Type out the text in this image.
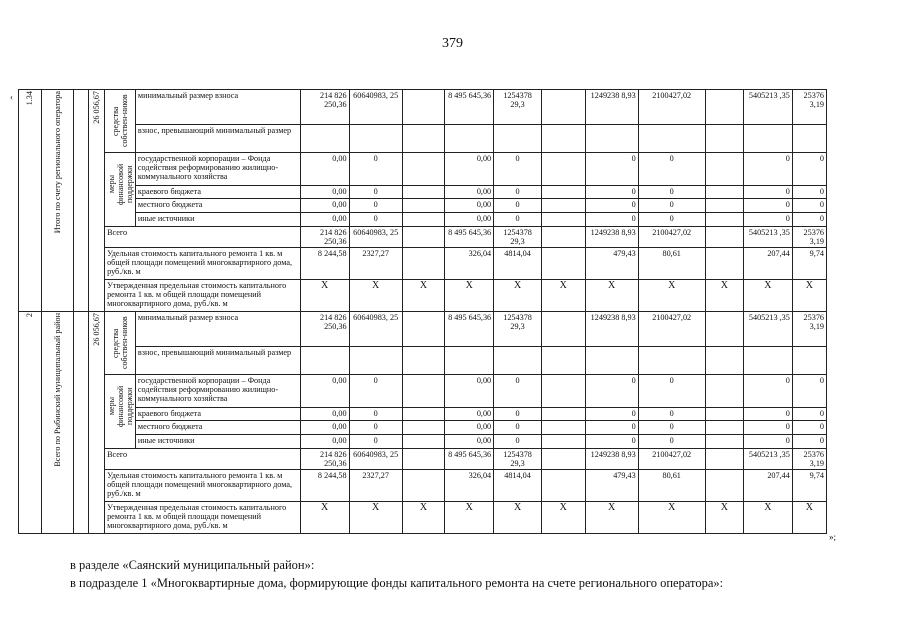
379
‹ 1.34	Итого по счету регионального оператора		26 056,67	средства собствен-ников	минимальный размер взноса	214 826 250,36	60640983, 25		8 495 645,36	1254378 29,3		1249238 8,93	2100427,02		5405213 ,35	25376 3,19
					взнос, превышающий минимальный размер											

				меры финансовой поддержки	государственной корпорации – Фонда содействия реформированию жилищно-коммунального хозяйства	0,00	0		0,00	0		0	0		0	0
					краевого бюджета	0,00	0		0,00	0		0	0		0	0
					местного бюджета	0,00	0		0,00	0		0	0		0	0
					иные источники	0,00	0		0,00	0		0	0		0	0
				Всего		214 826 250,36	60640983, 25		8 495 645,36	1254378 29,3		1249238 8,93	2100427,02		5405213 ,35	25376 3,19
				Удельная стоимость капитального ремонта 1 кв. м общей площади помещений многоквартирного дома, руб./кв. м		8 244,58	2327,27		326,04	4814,04		479,43	80,61		207,44	9,74
				Утвержденная предельная стоимость капитального ремонта 1 кв. м общей площади помещений многоквартирного дома, руб./кв. м		X	X	X	X	X	X	X	X	X	X	X

2	Всего по Рыбинский муниципальный район		26 056,67	средства собствен-ников	минимальный размер взноса	214 826 250,36	60640983, 25		8 495 645,36	1254378 29,3		1249238 8,93	2100427,02		5405213 ,35	25376 3,19
					взнос, превышающий минимальный размер											

				меры финансовой поддержки	государственной корпорации – Фонда содействия реформированию жилищно-коммунального хозяйства	0,00	0		0,00	0		0	0		0	0
					краевого бюджета	0,00	0		0,00	0		0	0		0	0
					местного бюджета	0,00	0		0,00	0		0	0		0	0
					иные источники	0,00	0		0,00	0		0	0		0	0
				Всего		214 826 250,36	60640983, 25		8 495 645,36	1254378 29,3		1249238 8,93	2100427,02		5405213 ,35	25376 3,19
				Удельная стоимость капитального ремонта 1 кв. м общей площади помещений многоквартирного дома, руб./кв. м		8 244,58	2327,27		326,04	4814,04		479,43	80,61		207,44	9,74
				Утвержденная предельная стоимость капитального ремонта 1 кв. м общей площади помещений многоквартирного дома, руб./кв. м		X	X	X	X	X	X	X	X	X	X	X
»;
в разделе «Саянский муниципальный район»:
в подразделе 1 «Многоквартирные дома, формирующие фонды капитального ремонта на счете регионального оператора»:
